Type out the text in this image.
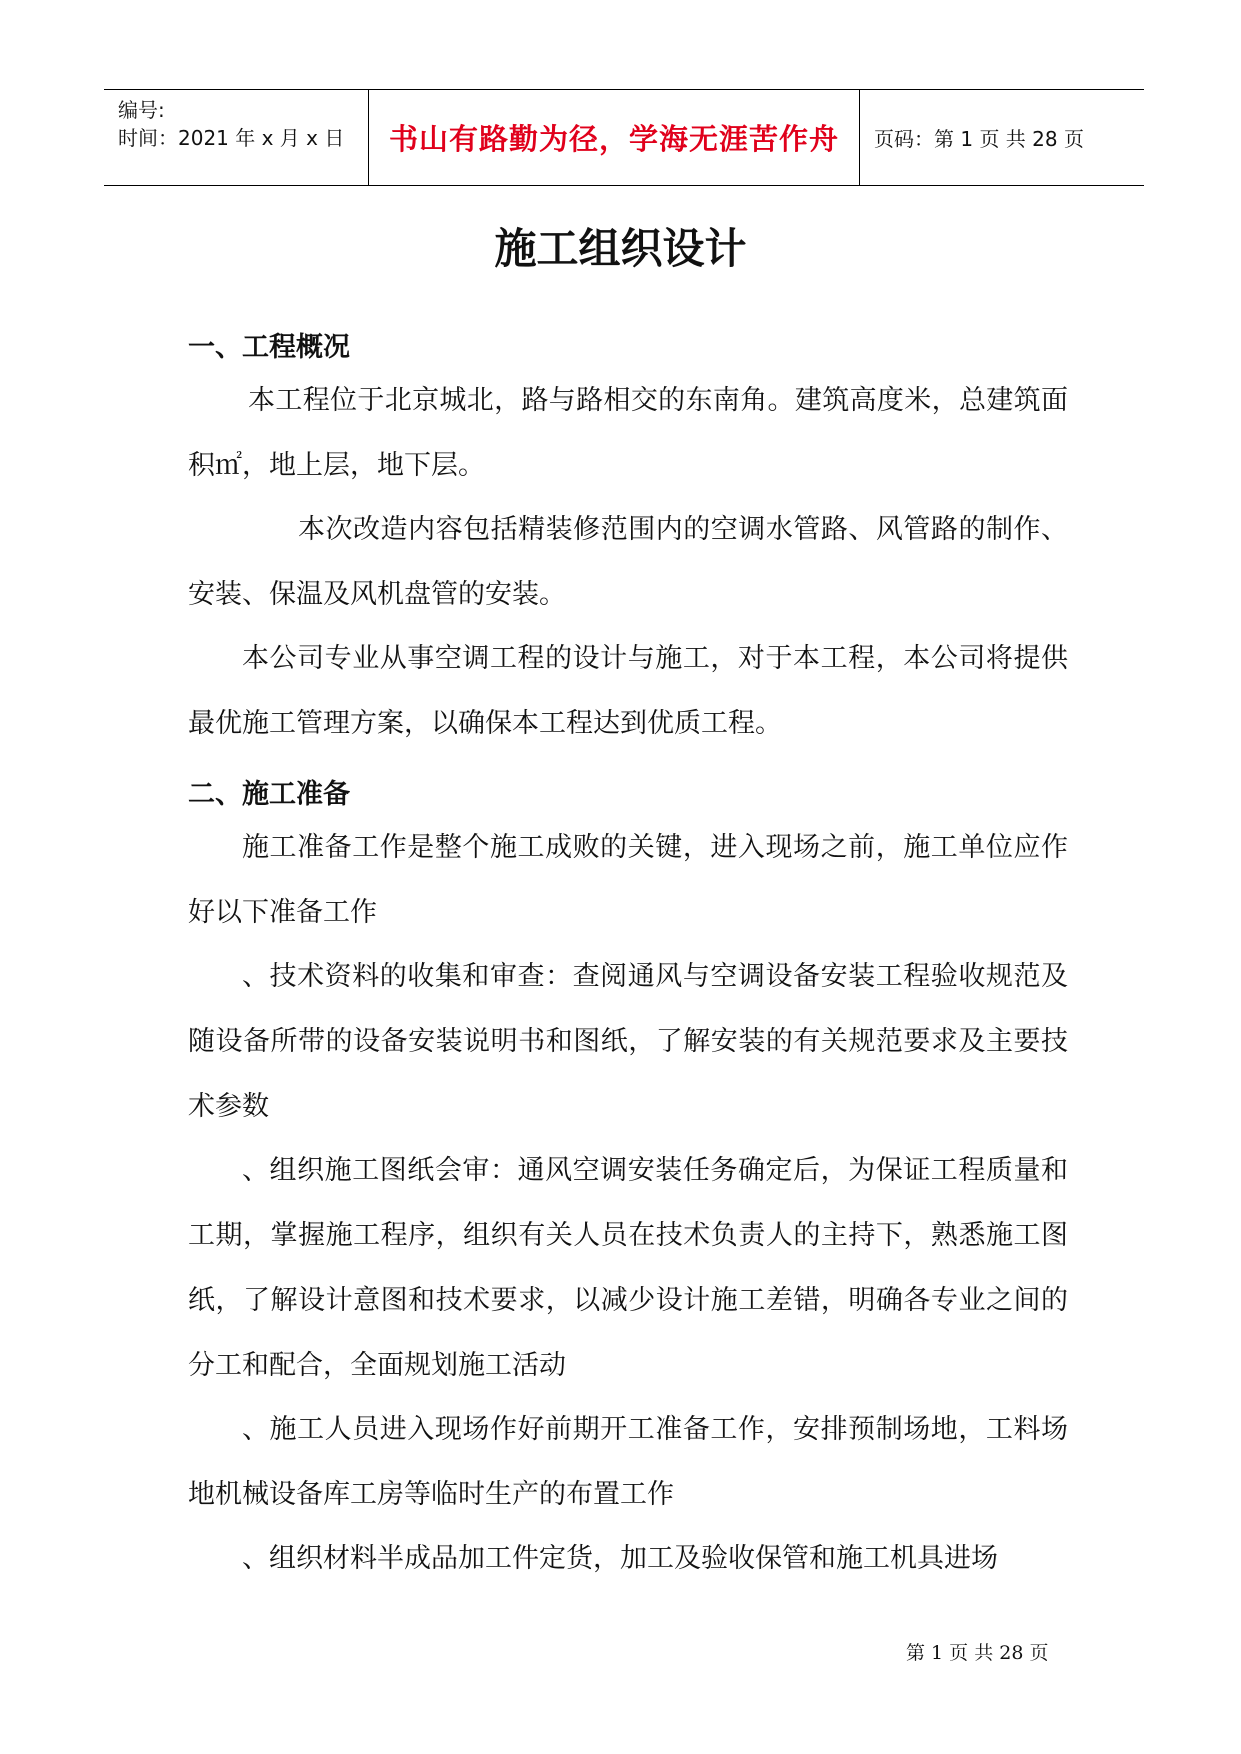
编号:
时间：2021 年 x 月 x 日 书山有路勤为径，学海无涯苦作舟 页码：第 1 页 共 28 页
施工组织设计
一、工程概况
本工程位于北京城北，路与路相交的东南角。建筑高度米，总建筑面积㎡，地上层，地下层。
本次改造内容包括精装修范围内的空调水管路、风管路的制作、安装、保温及风机盘管的安装。
本公司专业从事空调工程的设计与施工，对于本工程，本公司将提供最优施工管理方案，以确保本工程达到优质工程。
二、施工准备
施工准备工作是整个施工成败的关键，进入现场之前，施工单位应作好以下准备工作
、技术资料的收集和审查：查阅通风与空调设备安装工程验收规范及随设备所带的设备安装说明书和图纸，了解安装的有关规范要求及主要技术参数
、组织施工图纸会审：通风空调安装任务确定后，为保证工程质量和工期，掌握施工程序，组织有关人员在技术负责人的主持下，熟悉施工图纸，了解设计意图和技术要求，以减少设计施工差错，明确各专业之间的分工和配合，全面规划施工活动
、施工人员进入现场作好前期开工准备工作，安排预制场地，工料场地机械设备库工房等临时生产的布置工作
、组织材料半成品加工件定货，加工及验收保管和施工机具进场
第 1 页 共 28 页
